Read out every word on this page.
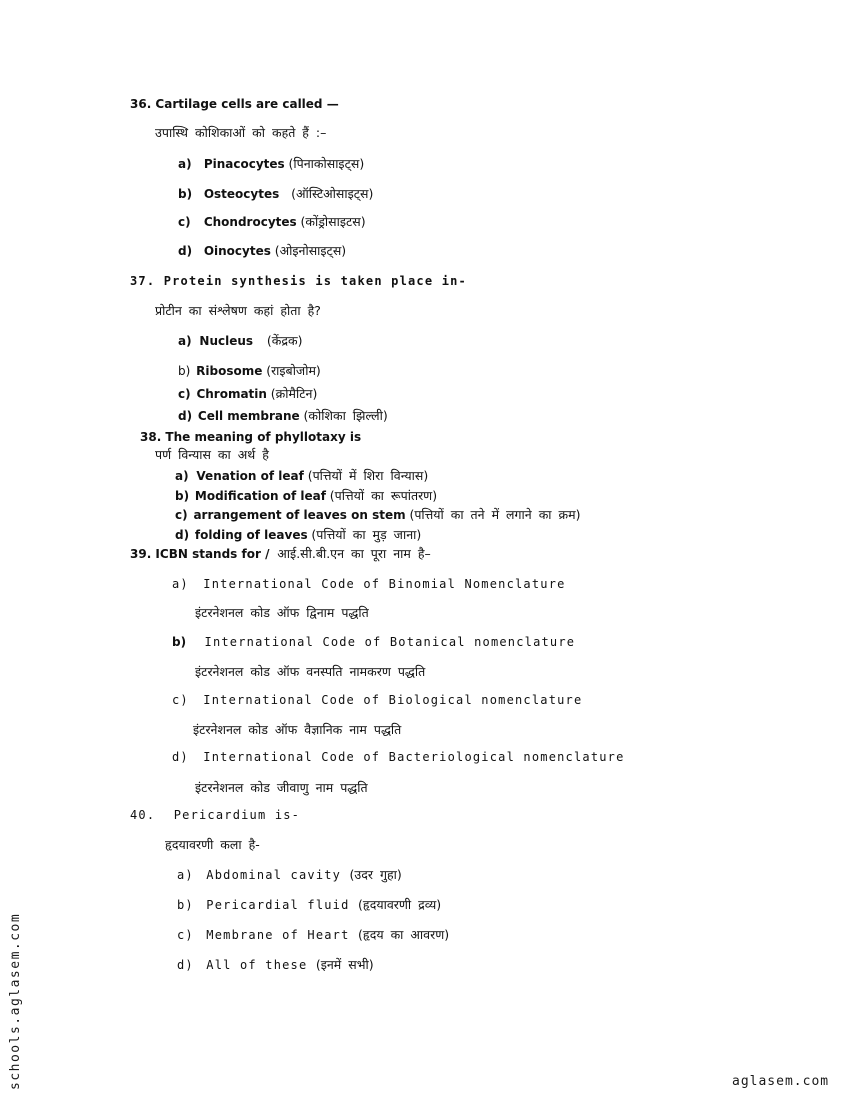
36. Cartilage cells are called —
उपास्थि कोशिकाओं को कहते हैं :–
a) Pinacocytes (पिनाकोसाइट्स)
b) Osteocytes (ऑस्टिओसाइट्स)
c) Chondrocytes (कोंड्रोसाइटस)
d) Oinocytes (ओइनोसाइट्स)
37. Protein synthesis is taken place in-
प्रोटीन का संश्लेषण कहां होता है?
a) Nucleus (केंद्रक)
b) Ribosome (राइबोजोम)
c) Chromatin (क्रोमैटिन)
d) Cell membrane (कोशिका झिल्ली)
38. The meaning of phyllotaxy is
पर्ण विन्यास का अर्थ है
a) Venation of leaf (पत्तियों में शिरा विन्यास)
b) Modification of leaf (पत्तियों का रूपांतरण)
c) arrangement of leaves on stem (पत्तियों का तने में लगाने का क्रम)
d) folding of leaves (पत्तियों का मुड़ जाना)
39. ICBN stands for / आई.सी.बी.एन का पूरा नाम है–
a) International Code of Binomial Nomenclature
इंटरनेशनल कोड ऑफ द्विनाम पद्धति
b) International Code of Botanical nomenclature
इंटरनेशनल कोड ऑफ वनस्पति नामकरण पद्धति
c) International Code of Biological nomenclature
इंटरनेशनल कोड ऑफ वैज्ञानिक नाम पद्धति
d) International Code of Bacteriological nomenclature
इंटरनेशनल कोड जीवाणु नाम पद्धति
40. Pericardium is-
हृदयावरणी कला है-
a) Abdominal cavity (उदर गुहा)
b) Pericardial fluid (हृदयावरणी द्रव्य)
c) Membrane of Heart (हृदय का आवरण)
d) All of these (इनमें सभी)
schools.aglasem.com	aglasem.com
